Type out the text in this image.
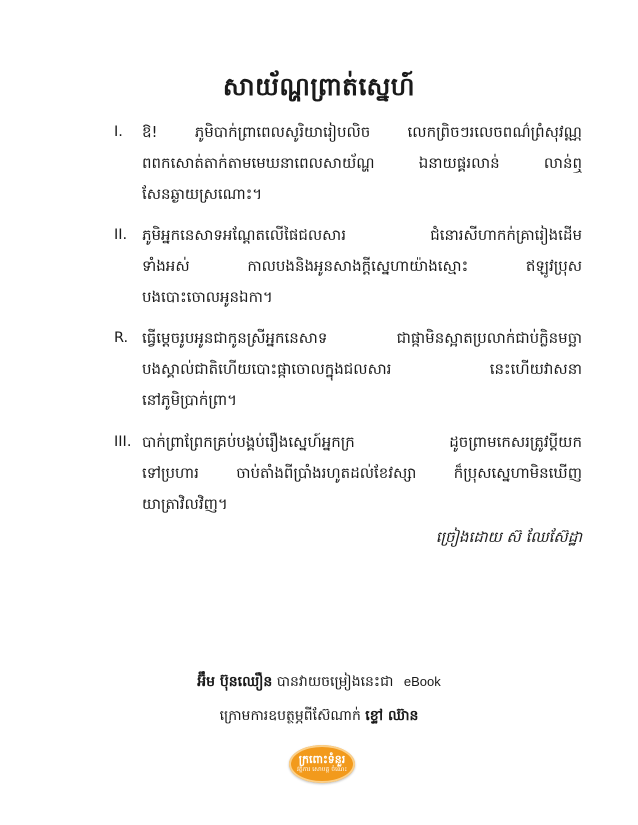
សាយ័ណ្ហព្រាត់ស្នេហ៍
I. ឱ! ភូមិបាក់ព្រាពេលសូរិយារៀបលិច លេកព្រិចៗរលេចពណ៌ព្រំសុវណ្ណ
ពពកសោត់តាក់តាមមេឃនាពេលសាយ័ណ្ហ ឯនាយផ្គរលាន់ លាន់ឮ
សែនឆ្ងាយស្រណោះ។
II. ភូមិអ្នកនេសាទអណ្តែតលើផៃជលសារ ជំនោរសីហាកក់គ្រារៀងដើម
ទាំងអស់ កាលបងនិងអូនសាងក្តីស្នេហាយ៉ាងស្មោះ ឥឡូវប្រុស
បងបោះចោលអូនឯកា។
R. ធ្វើម្តេចរូបអូនជាកូនស្រីអ្នកនេសាទ ជាផ្កាមិនស្អាតប្រលាក់ជាប់ក្លិនមច្ឆា
បងស្គាល់ជាតិហើយបោះផ្កាចោលក្នុងជលសារ នេះហើយវាសនា
នៅភូមិប្រាក់ព្រា។
III. បាក់ព្រាព្រែកគ្រប់បង្គប់រឿងស្នេហ៍អ្នកក្រ ដូចព្រាមកេសរត្រូវប្តីយក
ទៅប្រហារ ចាប់តាំងពីប្រាំងរហូតដល់ខែវស្សា ក៏ប្រុសស្នេហាមិនឃើញ
យាត្រាវិលវិញ។
ច្រៀងដោយ ស៊ ឈែស៊ែដ្ឋា
អ៊ឹម ប៊ុនឈឿន បានវាយចម្រៀងនេះជា eBook
ក្រោមការឧបត្ថម្ភពីស៊ែណាក់ ខ្ទៅ ឈ៊ាន
ក្រពោះទំនួរ
វត្តិការ សោបគ្គ ចំណេះ
